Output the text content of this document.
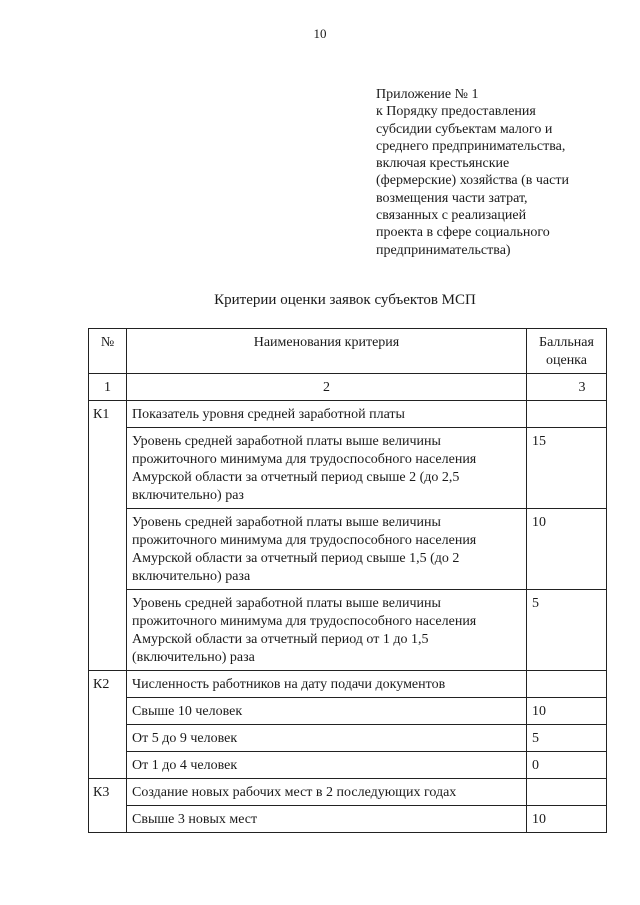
10
Приложение № 1
к Порядку предоставления
субсидии субъектам малого и
среднего предпринимательства,
включая крестьянские
(фермерские) хозяйства (в части
возмещения части затрат,
связанных с реализацией
проекта в сфере социального
предпринимательства)
Критерии оценки заявок субъектов МСП
№	Наименования критерия	Балльная оценка
1	2	3
К1	Показатель уровня средней заработной платы	
	Уровень средней заработной платы выше величины прожиточного минимума для трудоспособного населения Амурской области за отчетный период свыше 2 (до 2,5 включительно) раз	15
	Уровень средней заработной платы выше величины прожиточного минимума для трудоспособного населения Амурской области за отчетный период свыше 1,5 (до 2 включительно) раза	10
	Уровень средней заработной платы выше величины прожиточного минимума для трудоспособного населения Амурской области за отчетный период от 1 до 1,5 (включительно) раза	5
К2	Численность работников на дату подачи документов	
	Свыше 10 человек	10
	От 5 до 9 человек	5
	От 1 до 4 человек	0
К3	Создание новых рабочих мест в 2 последующих годах	
	Свыше 3 новых мест	10
